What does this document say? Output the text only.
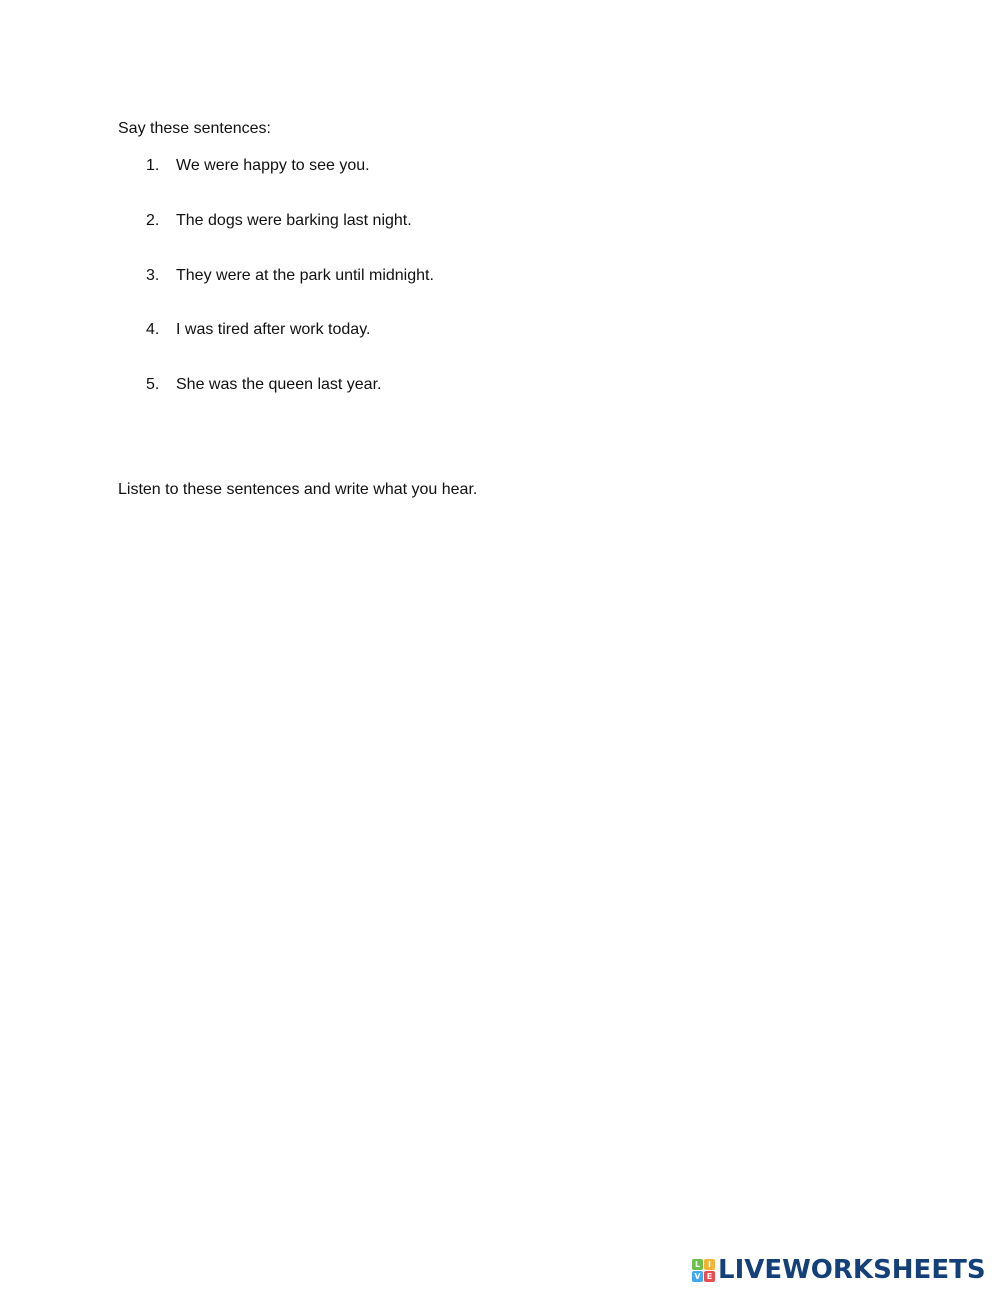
Say these sentences:

1. We were happy to see you.
2. The dogs were barking last night.
3. They were at the park until midnight.
4. I was tired after work today.
5. She was the queen last year.

Listen to these sentences and write what you hear.

L I
V E LIVEWORKSHEETS
